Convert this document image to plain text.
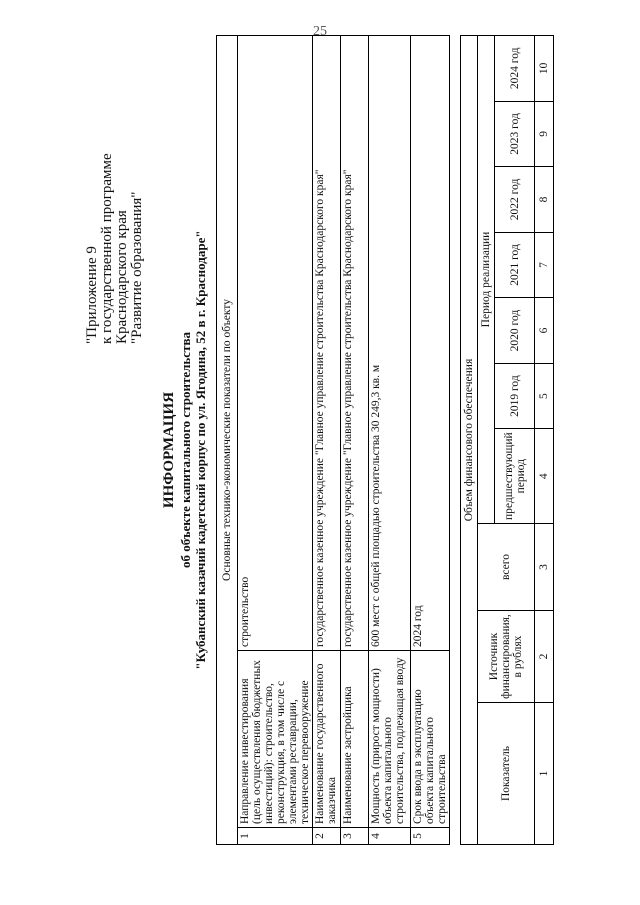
25
"Приложение 9 к государственной программе Краснодарского края "Развитие образования"
ИНФОРМАЦИЯ об объекте капитального строительства "Кубанский казачий кадетский корпус по ул. Ягодина, 52 в г. Краснодаре" Основные технико-экономические показатели по объекту		
1	Направление инвестирования (цель осуществления бюджетных инвестиций): строительство, реконструкция, в том числе с элементами реставрации, техническое перевооружение	строительство
2	Наименование государственного заказчика	государственное казенное учреждение "Главное управление строительства Краснодарского края"
3	Наименование застройщика	государственное казенное учреждение "Главное управление строительства Краснодарского края"
4	Мощность (прирост мощности) объекта капитального строительства, подлежащая вводу	600 мест с общей площадью строительства 30 249,3 кв. м
5	Срок ввода в эксплуатацию объекта капитального строительства	2024 год
Объем финансового обеспечения									
Показатель	Источник финансирования, в рублях	всего	Период реализации						
			предшествующий период	2019 год	2020 год	2021 год	2022 год	2023 год	2024 год
1	2	3	4	5	6	7	8	9	10
